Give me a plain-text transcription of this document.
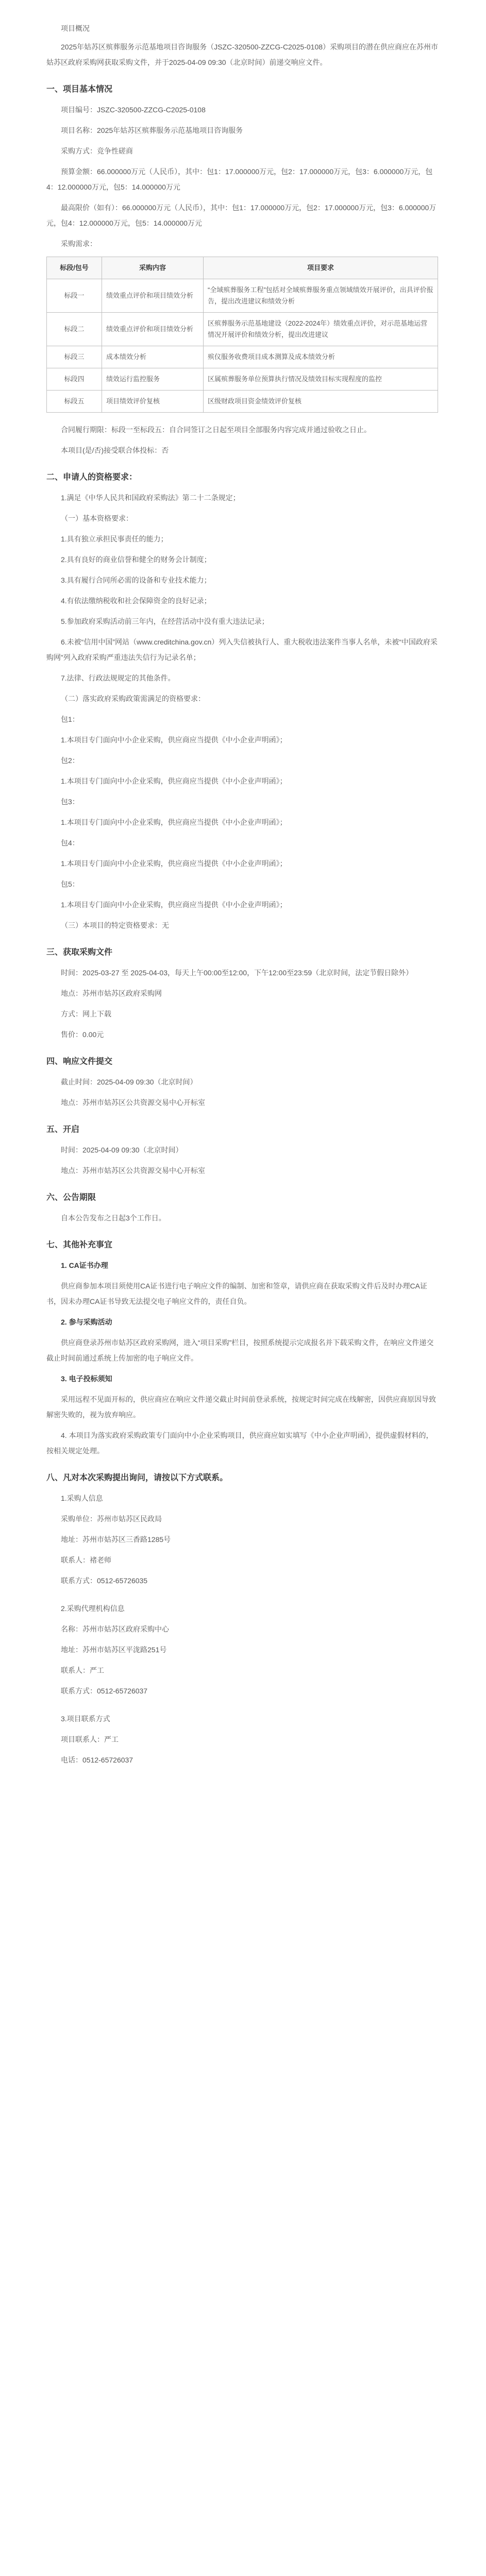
项目概况

2025年姑苏区殡葬服务示范基地项目咨询服务（JSZC-320500-ZZCG-C2025-0108）采购项目的潜在供应商应在苏州市姑苏区政府采购网获取采购文件，并于2025-04-09 09:30（北京时间）前递交响应文件。

一、项目基本情况

项目编号：JSZC-320500-ZZCG-C2025-0108

项目名称：2025年姑苏区殡葬服务示范基地项目咨询服务

采购方式：竞争性磋商

预算金额：66.000000万元（人民币），其中：包1：17.000000万元，包2：17.000000万元，包3：6.000000万元，包4：12.000000万元，包5：14.000000万元

最高限价（如有）：66.000000万元（人民币），其中：包1：17.000000万元，包2：17.000000万元，包3：6.000000万元，包4：12.000000万元，包5：14.000000万元

采购需求：

标段/包号	采购内容	项目要求
标段一	绩效重点评价和项目绩效分析	“全域殡葬服务工程”包括对全域殡葬服务重点领域绩效开展评价，出具评价报告，提出改进建议和绩效分析
标段二	绩效重点评价和项目绩效分析	区殡葬服务示范基地建设（2022-2024年）绩效重点评价，对示范基地运营情况开展评价和绩效分析，提出改进建议
标段三	成本绩效分析	殡仪服务收费项目成本测算及成本绩效分析
标段四	绩效运行监控服务	区属殡葬服务单位预算执行情况及绩效目标实现程度的监控
标段五	项目绩效评价复核	区级财政项目资金绩效评价复核

合同履行期限：标段一至标段五：自合同签订之日起至项目全部服务内容完成并通过验收之日止。

本项目(是/否)接受联合体投标：否

二、申请人的资格要求：

1.满足《中华人民共和国政府采购法》第二十二条规定；

（一）基本资格要求：

1.具有独立承担民事责任的能力；

2.具有良好的商业信誉和健全的财务会计制度；

3.具有履行合同所必需的设备和专业技术能力；

4.有依法缴纳税收和社会保障资金的良好记录；

5.参加政府采购活动前三年内，在经营活动中没有重大违法记录；

6.未被“信用中国”网站（www.creditchina.gov.cn）列入失信被执行人、重大税收违法案件当事人名单，未被“中国政府采购网”列入政府采购严重违法失信行为记录名单；

7.法律、行政法规规定的其他条件。

（二）落实政府采购政策需满足的资格要求：

包1：

1.本项目专门面向中小企业采购，供应商应当提供《中小企业声明函》；

包2：

1.本项目专门面向中小企业采购，供应商应当提供《中小企业声明函》；

包3：

1.本项目专门面向中小企业采购，供应商应当提供《中小企业声明函》；

包4：

1.本项目专门面向中小企业采购，供应商应当提供《中小企业声明函》；

包5：

1.本项目专门面向中小企业采购，供应商应当提供《中小企业声明函》；

（三）本项目的特定资格要求：无

三、获取采购文件

时间：2025-03-27 至 2025-04-03，每天上午00:00至12:00，下午12:00至23:59（北京时间，法定节假日除外）

地点：苏州市姑苏区政府采购网

方式：网上下载

售价：0.00元

四、响应文件提交

截止时间：2025-04-09 09:30（北京时间）

地点：苏州市姑苏区公共资源交易中心开标室

五、开启

时间：2025-04-09 09:30（北京时间）

地点：苏州市姑苏区公共资源交易中心开标室

六、公告期限

自本公告发布之日起3个工作日。

七、其他补充事宜

1. CA证书办理

供应商参加本项目须使用CA证书进行电子响应文件的编制、加密和签章，请供应商在获取采购文件后及时办理CA证书，因未办理CA证书导致无法提交电子响应文件的，责任自负。

2. 参与采购活动

供应商登录苏州市姑苏区政府采购网，进入“项目采购”栏目，按照系统提示完成报名并下载采购文件，在响应文件递交截止时间前通过系统上传加密的电子响应文件。

3. 电子投标须知

采用远程不见面开标的，供应商应在响应文件递交截止时间前登录系统，按规定时间完成在线解密，因供应商原因导致解密失败的，视为放弃响应。

4. 本项目为落实政府采购政策专门面向中小企业采购项目，供应商应如实填写《中小企业声明函》，提供虚假材料的，按相关规定处理。

八、凡对本次采购提出询问，请按以下方式联系。

1.采购人信息

采购单位：苏州市姑苏区民政局

地址：苏州市姑苏区三香路1285号

联系人：褚老师

联系方式：0512-65726035

2.采购代理机构信息

名称：苏州市姑苏区政府采购中心

地址：苏州市姑苏区平泷路251号

联系人：严工

联系方式：0512-65726037

3.项目联系方式

项目联系人：严工

电话：0512-65726037
